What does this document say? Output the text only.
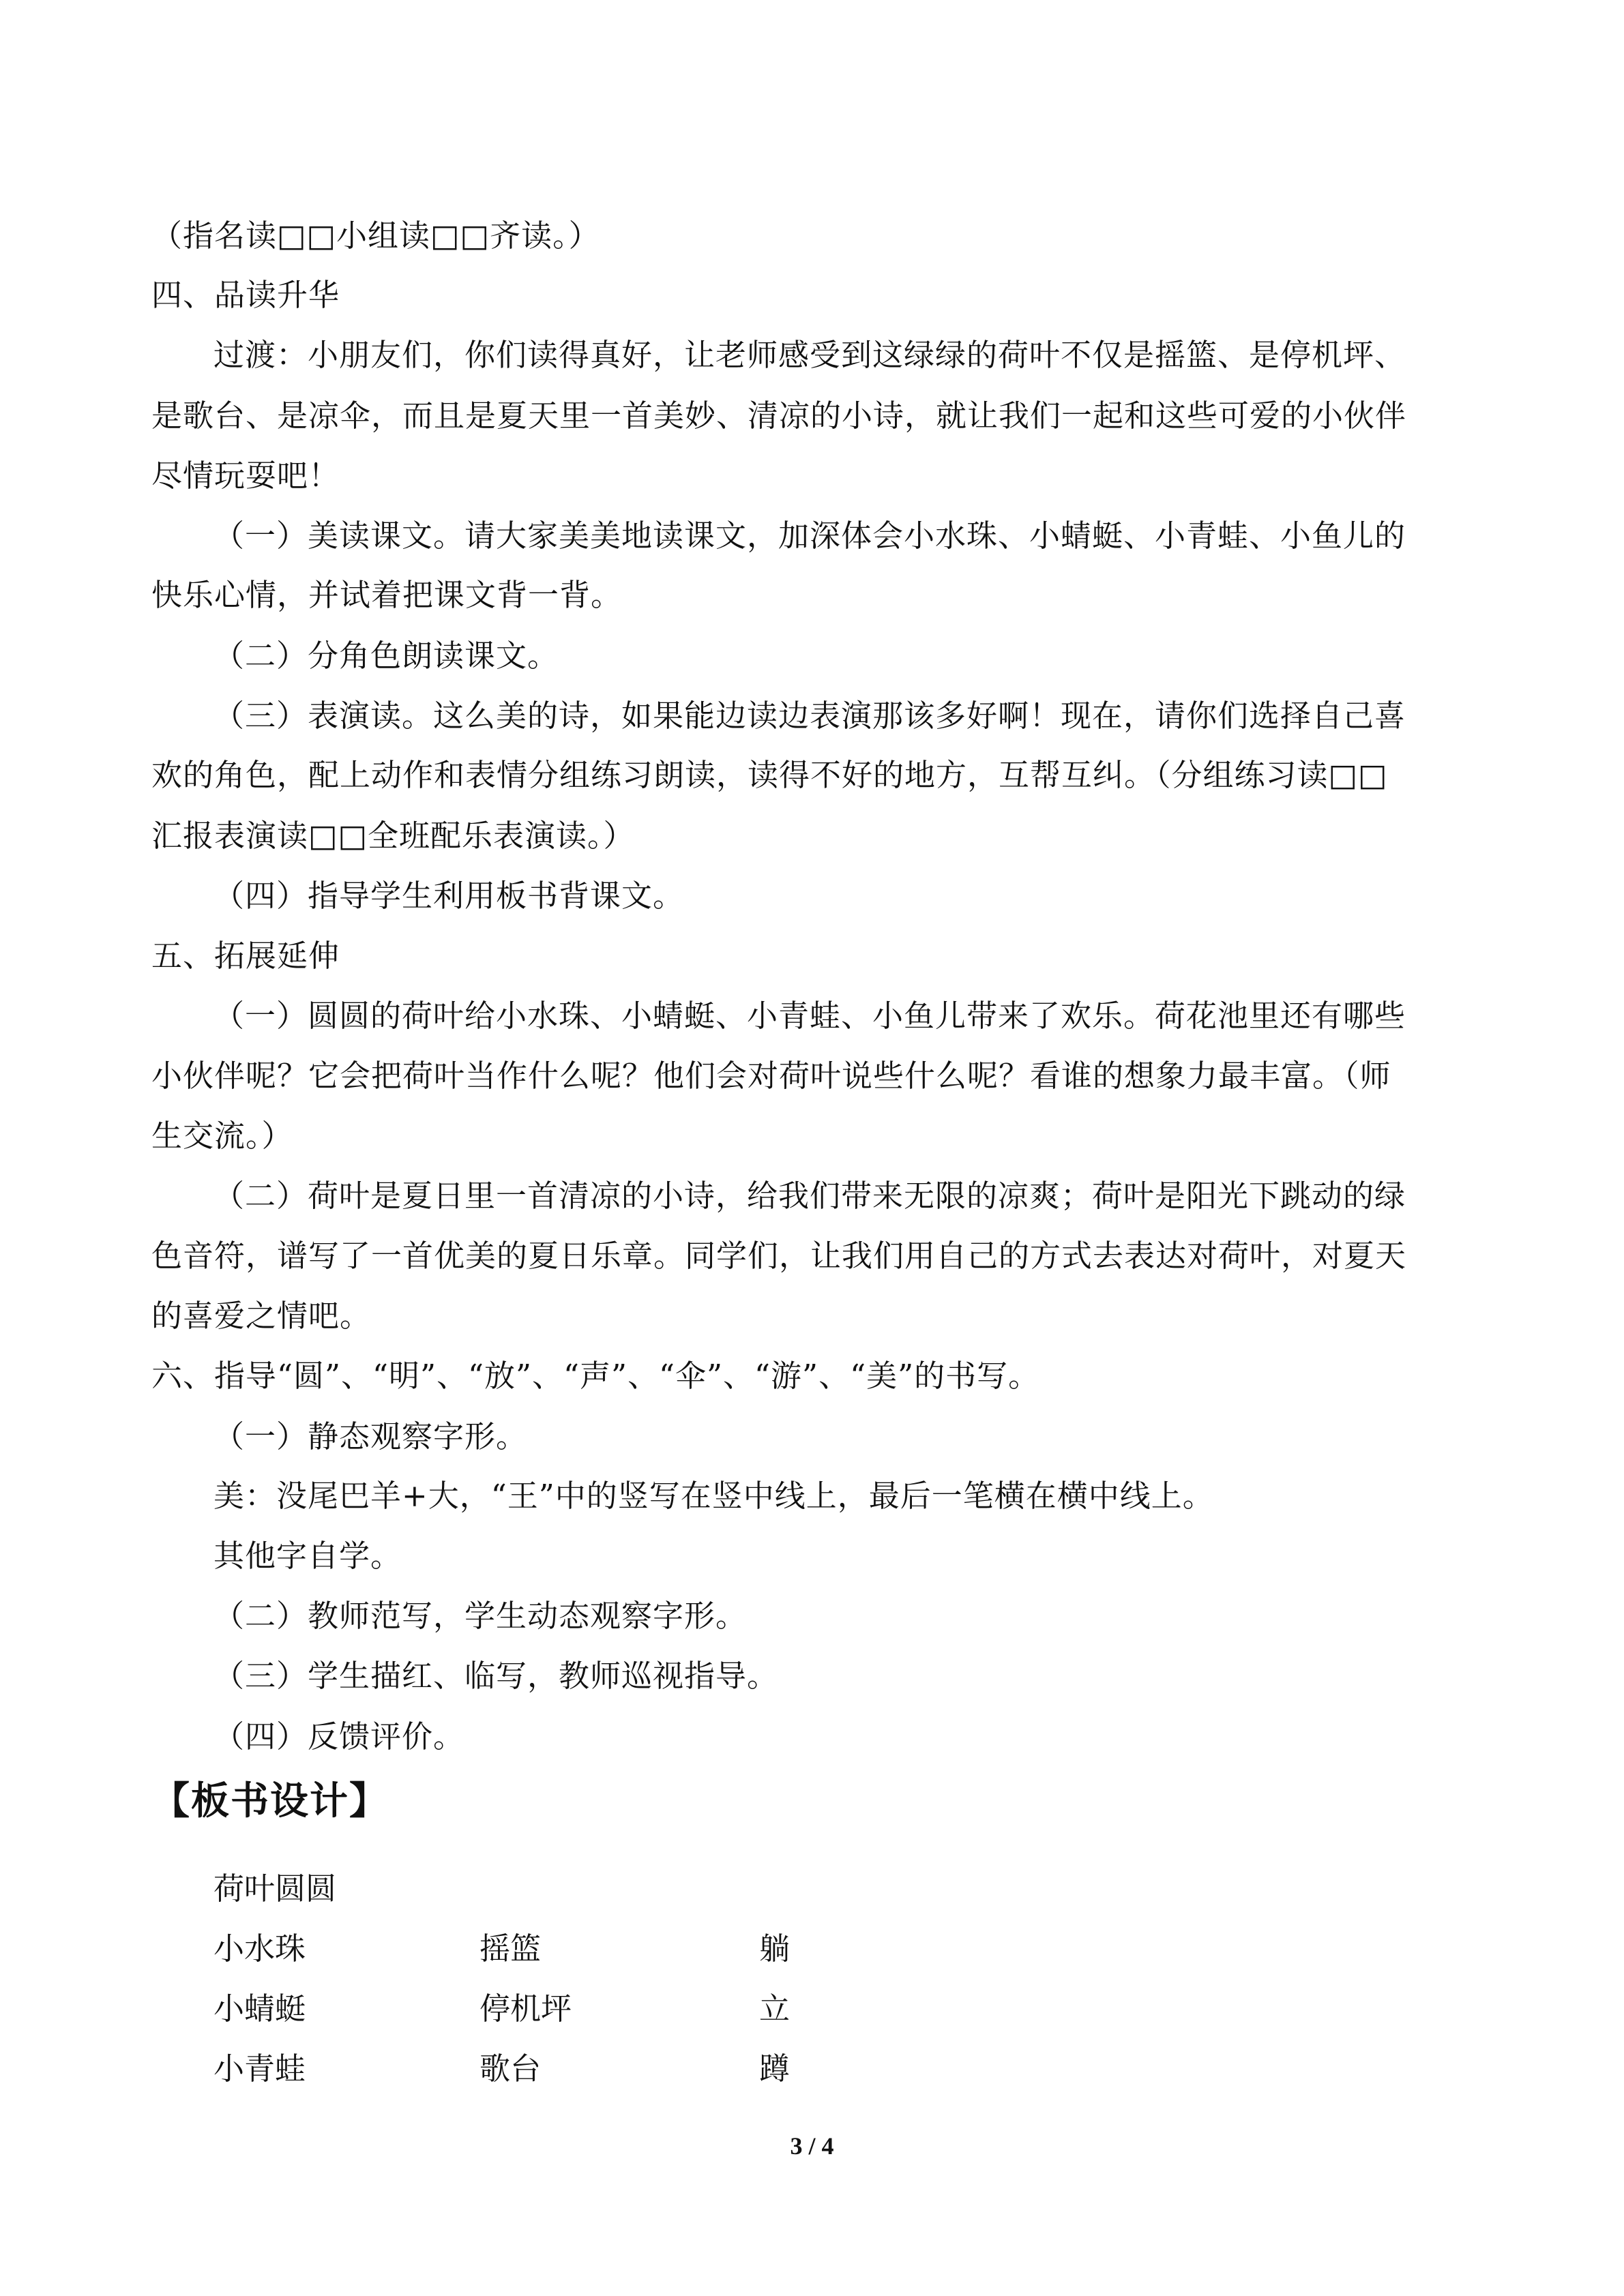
（指名读□□小组读□□齐读。）
四、品读升华
过渡：小朋友们，你们读得真好，让老师感受到这绿绿的荷叶不仅是摇篮、是停机坪、
是歌台、是凉伞，而且是夏天里一首美妙、清凉的小诗，就让我们一起和这些可爱的小伙伴
尽情玩耍吧！
（一）美读课文。请大家美美地读课文，加深体会小水珠、小蜻蜓、小青蛙、小鱼儿的
快乐心情，并试着把课文背一背。
（二）分角色朗读课文。
（三）表演读。这么美的诗，如果能边读边表演那该多好啊！现在，请你们选择自己喜
欢的角色，配上动作和表情分组练习朗读，读得不好的地方，互帮互纠。（分组练习读□□
汇报表演读□□全班配乐表演读。）
（四）指导学生利用板书背课文。
五、拓展延伸
（一）圆圆的荷叶给小水珠、小蜻蜓、小青蛙、小鱼儿带来了欢乐。荷花池里还有哪些
小伙伴呢？它会把荷叶当作什么呢？他们会对荷叶说些什么呢？看谁的想象力最丰富。（师
生交流。）
（二）荷叶是夏日里一首清凉的小诗，给我们带来无限的凉爽；荷叶是阳光下跳动的绿
色音符，谱写了一首优美的夏日乐章。同学们，让我们用自己的方式去表达对荷叶，对夏天
的喜爱之情吧。
六、指导“圆”、“明”、“放”、“声”、“伞”、“游”、“美”的书写。
（一）静态观察字形。
美：没尾巴羊+大，“王”中的竖写在竖中线上，最后一笔横在横中线上。
其他字自学。
（二）教师范写，学生动态观察字形。
（三）学生描红、临写，教师巡视指导。
（四）反馈评价。
【板书设计】
荷叶圆圆
小水珠	摇篮	躺
小蜻蜓	停机坪	立
小青蛙	歌台	蹲
3 / 4
